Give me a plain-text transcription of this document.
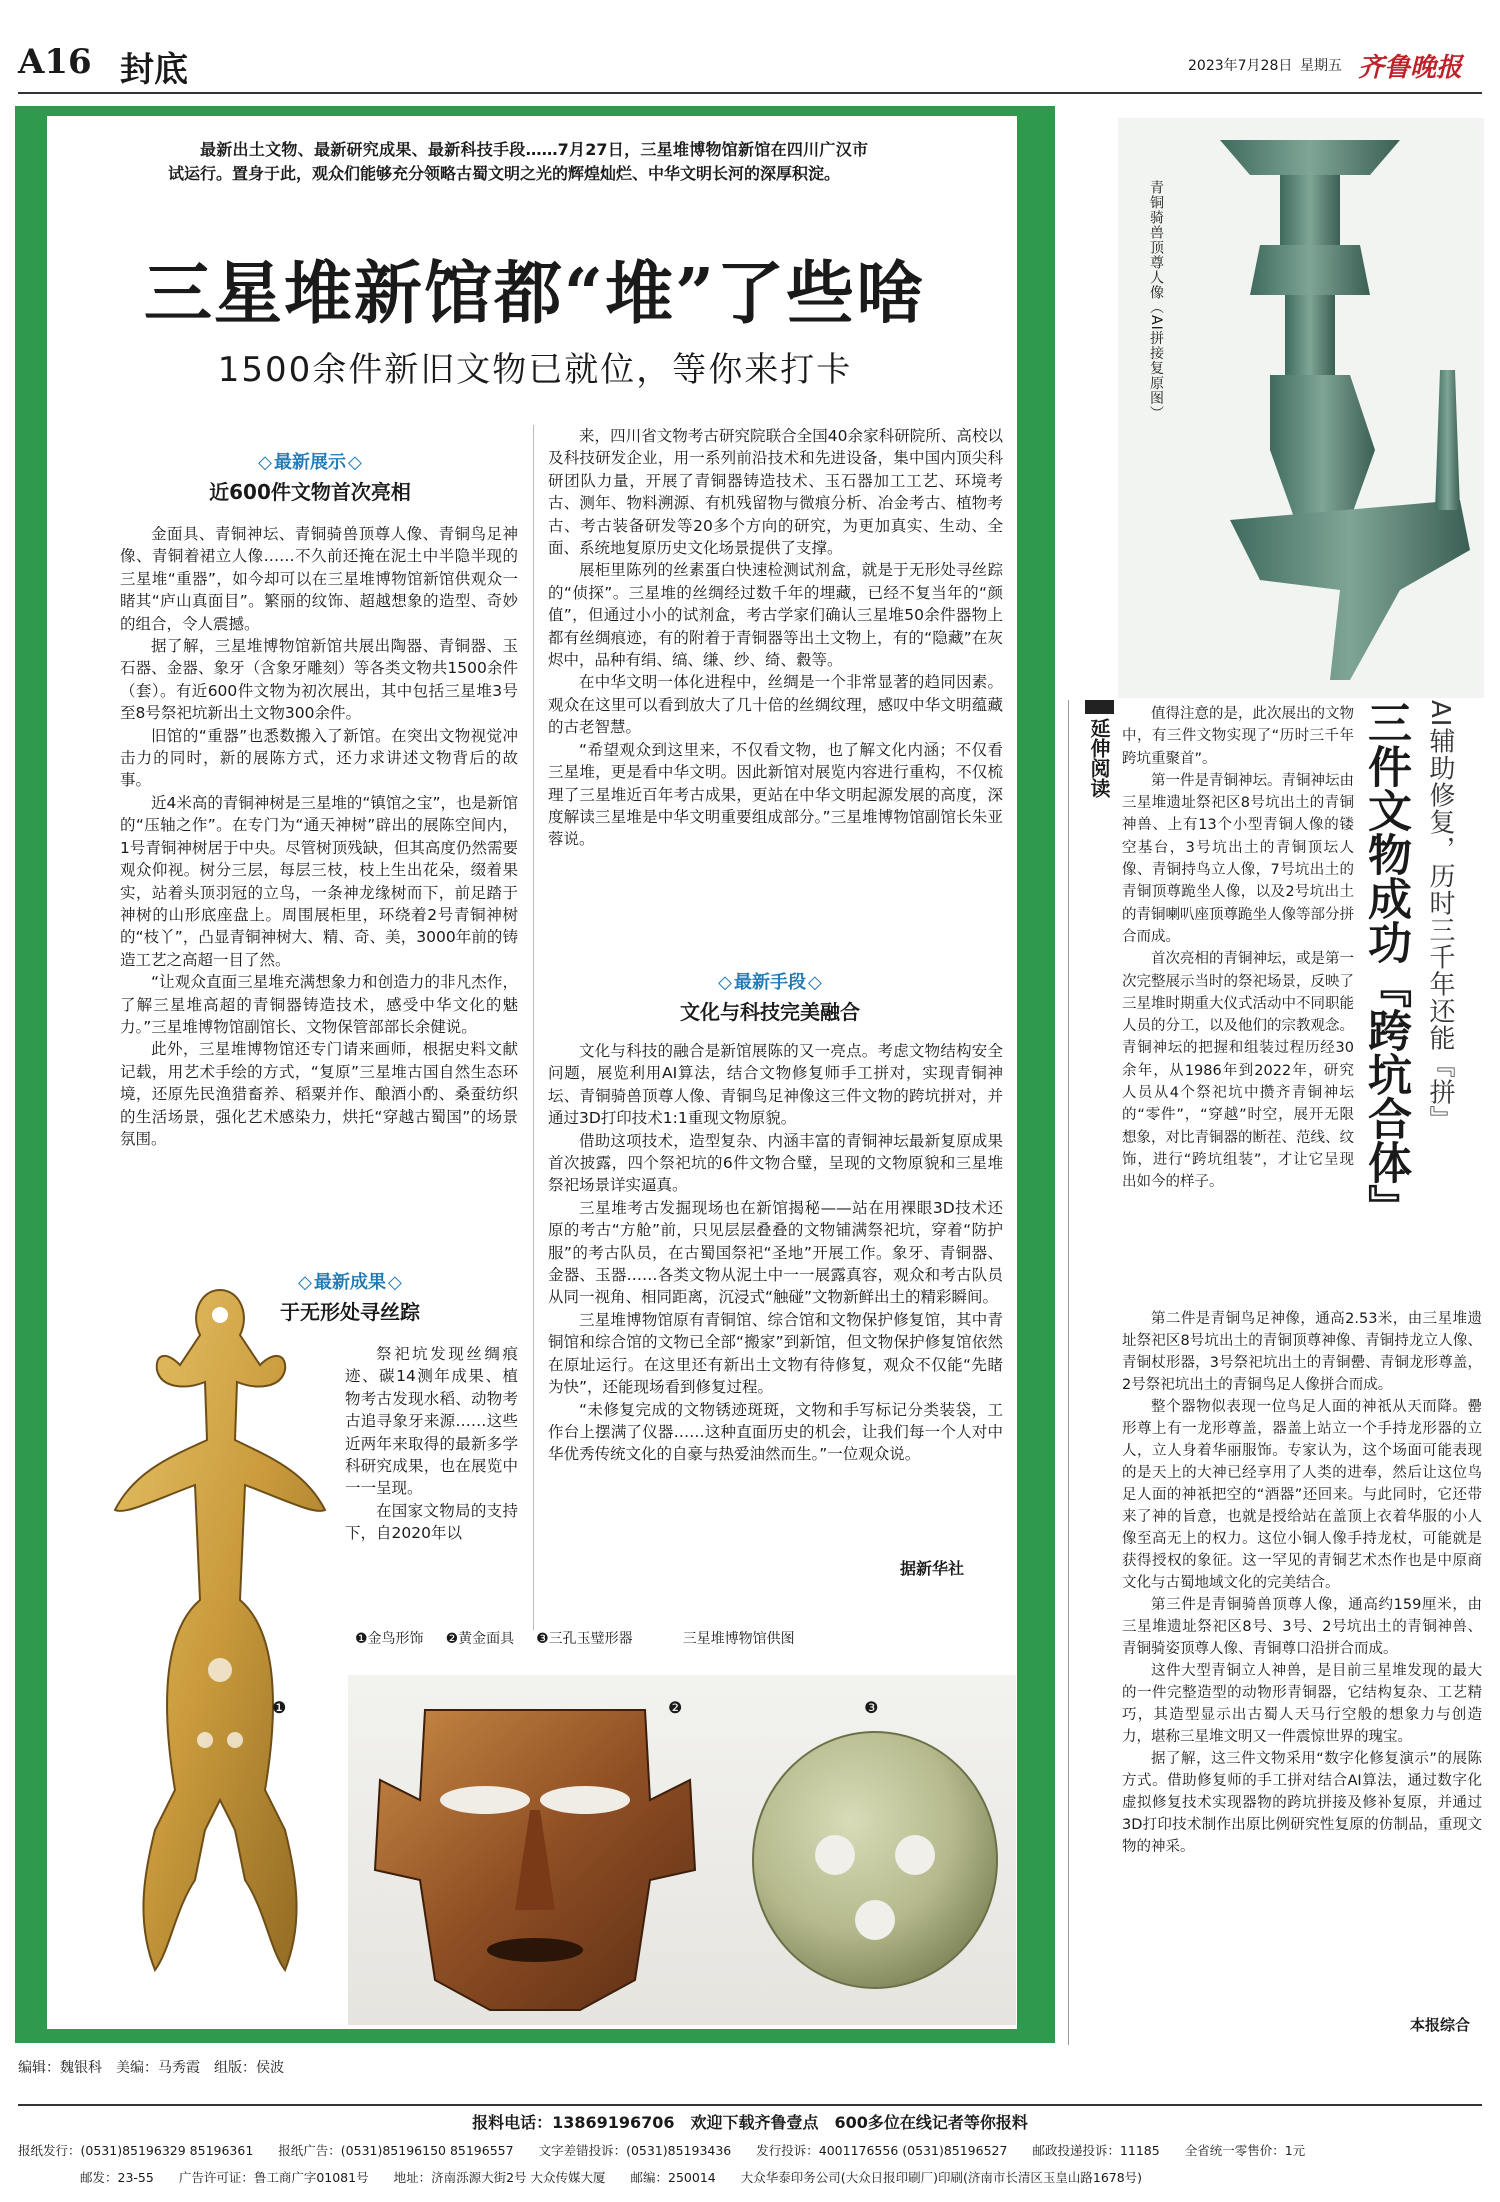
A16 封底	2023年7月28日 星期五 齐鲁晚报
最新出土文物、最新研究成果、最新科技手段……7月27日，三星堆博物馆新馆在四川广汉市试运行。置身于此，观众们能够充分领略古蜀文明之光的辉煌灿烂、中华文明长河的深厚积淀。
三星堆新馆都“堆”了些啥
1500余件新旧文物已就位，等你来打卡
◇ 最新展示 ◇
近600件文物首次亮相

金面具、青铜神坛、青铜骑兽顶尊人像、青铜鸟足神像、青铜着裙立人像……不久前还掩在泥土中半隐半现的三星堆“重器”，如今却可以在三星堆博物馆新馆供观众一睹其“庐山真面目”。繁丽的纹饰、超越想象的造型、奇妙的组合，令人震撼。

据了解，三星堆博物馆新馆共展出陶器、青铜器、玉石器、金器、象牙（含象牙雕刻）等各类文物共1500余件（套）。有近600件文物为初次展出，其中包括三星堆3号至8号祭祀坑新出土文物300余件。

旧馆的“重器”也悉数搬入了新馆。在突出文物视觉冲击力的同时，新的展陈方式，还力求讲述文物背后的故事。

近4米高的青铜神树是三星堆的“镇馆之宝”，也是新馆的“压轴之作”。在专门为“通天神树”辟出的展陈空间内，1号青铜神树居于中央。尽管树顶残缺，但其高度仍然需要观众仰视。树分三层，每层三枝，枝上生出花朵，缀着果实，站着头顶羽冠的立鸟，一条神龙缘树而下，前足踏于神树的山形底座盘上。周围展柜里，环绕着2号青铜神树的“枝丫”，凸显青铜神树大、精、奇、美，3000年前的铸造工艺之高超一目了然。

“让观众直面三星堆充满想象力和创造力的非凡杰作，了解三星堆高超的青铜器铸造技术，感受中华文化的魅力。”三星堆博物馆副馆长、文物保管部部长余健说。

此外，三星堆博物馆还专门请来画师，根据史料文献记载，用艺术手绘的方式，“复原”三星堆古国自然生态环境，还原先民渔猎畜养、稻粟并作、酿酒小酌、桑蚕纺织的生活场景，强化艺术感染力，烘托“穿越古蜀国”的场景氛围。

◇ 最新成果 ◇
于无形处寻丝踪

祭祀坑发现丝绸痕迹、碳14测年成果、植物考古发现水稻、动物考古追寻象牙来源……这些近两年来取得的最新多学科研究成果，也在展览中一一呈现。

在国家文物局的支持下，自2020年以

来，四川省文物考古研究院联合全国40余家科研院所、高校以及科技研发企业，用一系列前沿技术和先进设备，集中国内顶尖科研团队力量，开展了青铜器铸造技术、玉石器加工工艺、环境考古、测年、物料溯源、有机残留物与微痕分析、冶金考古、植物考古、考古装备研发等20多个方向的研究，为更加真实、生动、全面、系统地复原历史文化场景提供了支撑。

展柜里陈列的丝素蛋白快速检测试剂盒，就是于无形处寻丝踪的“侦探”。三星堆的丝绸经过数千年的埋藏，已经不复当年的“颜值”，但通过小小的试剂盒，考古学家们确认三星堆50余件器物上都有丝绸痕迹，有的附着于青铜器等出土文物上，有的“隐藏”在灰烬中，品种有绢、缟、缣、纱、绮、縠等。

在中华文明一体化进程中，丝绸是一个非常显著的趋同因素。观众在这里可以看到放大了几十倍的丝绸纹理，感叹中华文明蕴藏的古老智慧。

“希望观众到这里来，不仅看文物，也了解文化内涵；不仅看三星堆，更是看中华文明。因此新馆对展览内容进行重构，不仅梳理了三星堆近百年考古成果，更站在中华文明起源发展的高度，深度解读三星堆是中华文明重要组成部分。”三星堆博物馆副馆长朱亚蓉说。

◇ 最新手段 ◇
文化与科技完美融合

文化与科技的融合是新馆展陈的又一亮点。考虑文物结构安全问题，展览利用AI算法，结合文物修复师手工拼对，实现青铜神坛、青铜骑兽顶尊人像、青铜鸟足神像这三件文物的跨坑拼对，并通过3D打印技术1:1重现文物原貌。

借助这项技术，造型复杂、内涵丰富的青铜神坛最新复原成果首次披露，四个祭祀坑的6件文物合璧，呈现的文物原貌和三星堆祭祀场景详实逼真。

三星堆考古发掘现场也在新馆揭秘——站在用裸眼3D技术还原的考古“方舱”前，只见层层叠叠的文物铺满祭祀坑，穿着“防护服”的考古队员，在古蜀国祭祀“圣地”开展工作。象牙、青铜器、金器、玉器……各类文物从泥土中一一展露真容，观众和考古队员从同一视角、相同距离，沉浸式“触碰”文物新鲜出土的精彩瞬间。

三星堆博物馆原有青铜馆、综合馆和文物保护修复馆，其中青铜馆和综合馆的文物已全部“搬家”到新馆，但文物保护修复馆依然在原址运行。在这里还有新出土文物有待修复，观众不仅能“先睹为快”，还能现场看到修复过程。

“未修复完成的文物锈迹斑斑，文物和手写标记分类装袋，工作台上摆满了仪器……这种直面历史的机会，让我们每一个人对中华优秀传统文化的自豪与热爱油然而生。”一位观众说。

据新华社
❶金鸟形饰 ❷黄金面具 ❸三孔玉璧形器	三星堆博物馆供图
❶	❷	❸
青铜骑兽顶尊人像（AI拼接复原图）
延伸阅读	AI辅助修复，历时三千年还能『拼』
三件文物成功『跨坑合体』

值得注意的是，此次展出的文物中，有三件文物实现了“历时三千年 跨坑重聚首”。

第一件是青铜神坛。青铜神坛由三星堆遗址祭祀区8号坑出土的青铜神兽、上有13个小型青铜人像的镂空基台，3号坑出土的青铜顶坛人像、青铜持鸟立人像，7号坑出土的青铜顶尊跪坐人像，以及2号坑出土的青铜喇叭座顶尊跪坐人像等部分拼合而成。

首次亮相的青铜神坛，或是第一次完整展示当时的祭祀场景，反映了三星堆时期重大仪式活动中不同职能人员的分工，以及他们的宗教观念。青铜神坛的把握和组装过程历经30余年，从1986年到2022年，研究人员从4个祭祀坑中攒齐青铜神坛的“零件”，“穿越”时空，展开无限想象，对比青铜器的断茬、范线、纹饰，进行“跨坑组装”，才让它呈现出如今的样子。

第二件是青铜鸟足神像，通高2.53米，由三星堆遗址祭祀区8号坑出土的青铜顶尊神像、青铜持龙立人像、青铜杖形器，3号祭祀坑出土的青铜罍、青铜龙形尊盖，2号祭祀坑出土的青铜鸟足人像拼合而成。

整个器物似表现一位鸟足人面的神祇从天而降。罍形尊上有一龙形尊盖，器盖上站立一个手持龙形器的立人，立人身着华丽服饰。专家认为，这个场面可能表现的是天上的大神已经享用了人类的进奉，然后让这位鸟足人面的神祇把空的“酒器”还回来。与此同时，它还带来了神的旨意，也就是授给站在盖顶上衣着华服的小人像至高无上的权力。这位小铜人像手持龙杖，可能就是获得授权的象征。这一罕见的青铜艺术杰作也是中原商文化与古蜀地域文化的完美结合。

第三件是青铜骑兽顶尊人像，通高约159厘米，由三星堆遗址祭祀区8号、3号、2号坑出土的青铜神兽、青铜骑姿顶尊人像、青铜尊口沿拼合而成。

这件大型青铜立人神兽，是目前三星堆发现的最大的一件完整造型的动物形青铜器，它结构复杂、工艺精巧，其造型显示出古蜀人天马行空般的想象力与创造力，堪称三星堆文明又一件震惊世界的瑰宝。

据了解，这三件文物采用“数字化修复演示”的展陈方式。借助修复师的手工拼对结合AI算法，通过数字化虚拟修复技术实现器物的跨坑拼接及修补复原，并通过3D打印技术制作出原比例研究性复原的仿制品，重现文物的神采。

本报综合
编辑：魏银科　美编：马秀霞　组版：侯波
报料电话：13869196706　欢迎下载齐鲁壹点　600多位在线记者等你报料
报纸发行：(0531)85196329 85196361　　报纸广告：(0531)85196150 85196557　　文字差错投诉：(0531)85193436　　发行投诉：4001176556 (0531)85196527　　邮政投递投诉：11185　　全省统一零售价：1元
邮发：23-55　　广告许可证：鲁工商广字01081号　　地址：济南泺源大街2号 大众传媒大厦　　邮编：250014　　大众华泰印务公司(大众日报印刷厂)印刷(济南市长清区玉皇山路1678号)
